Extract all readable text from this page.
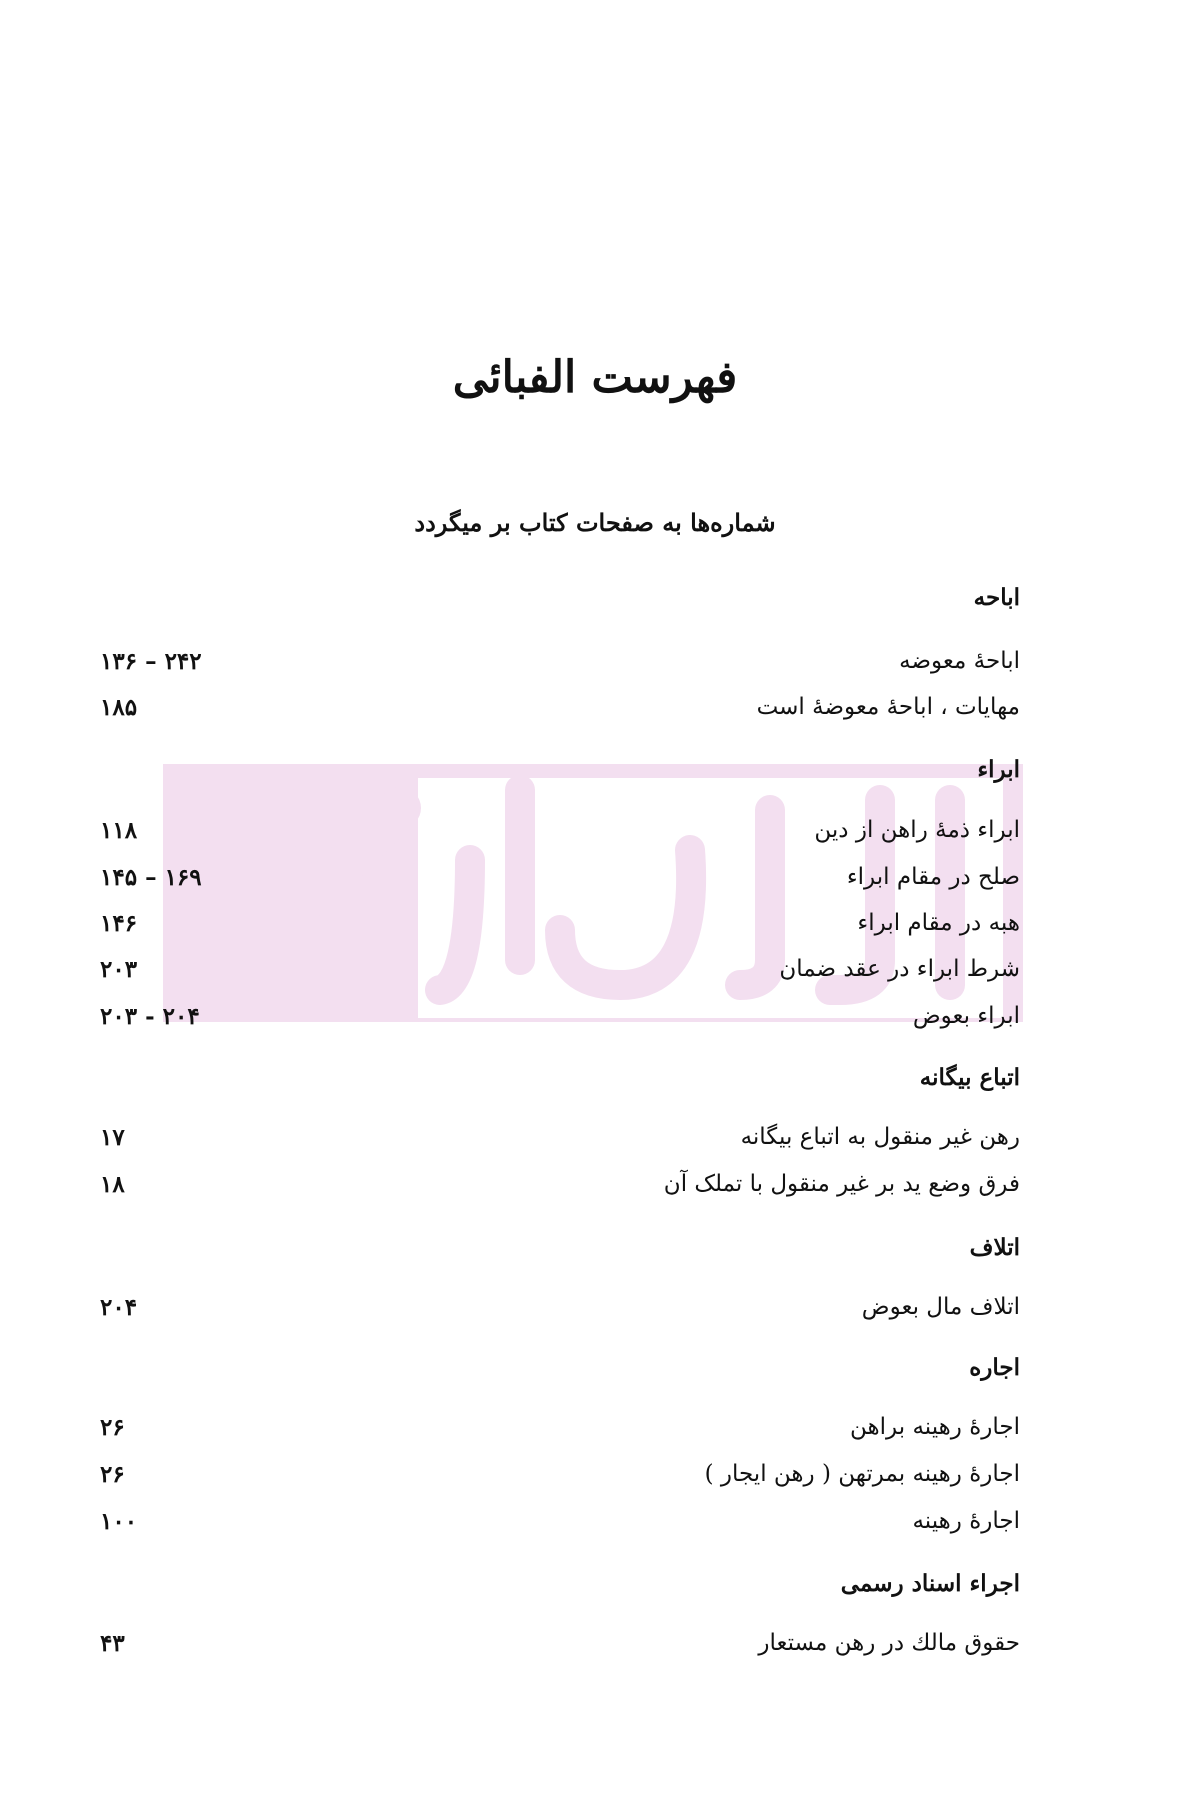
فهرست الفبائی
شماره‌ها به صفحات کتاب بر میگردد
اباحه
اباحهٔ معوضه
۲۴۲ – ۱۳۶
مهایات ، اباحهٔ معوضهٔ است
۱۸۵
ابراء
ابراء ذمهٔ راهن از دین
۱۱۸
صلح در مقام ابراء
۱۶۹ – ۱۴۵
هبه در مقام ابراء
۱۴۶
شرط ابراء در عقد ضمان
۲۰۳
ابراء بعوض
۲۰۴ - ۲۰۳
اتباع بیگانه
رهن غیر منقول به اتباع بیگانه
۱۷
فرق وضع ید بر غیر منقول با تملک آن
۱۸
اتلاف
اتلاف مال بعوض
۲۰۴
اجاره
اجارهٔ رهینه براهن
۲۶
اجارهٔ رهینه بمرتهن ( رهن ایجار )
۲۶
اجارهٔ رهینه
۱۰۰
اجراء اسناد رسمی
حقوق مالك در رهن مستعار
۴۳
